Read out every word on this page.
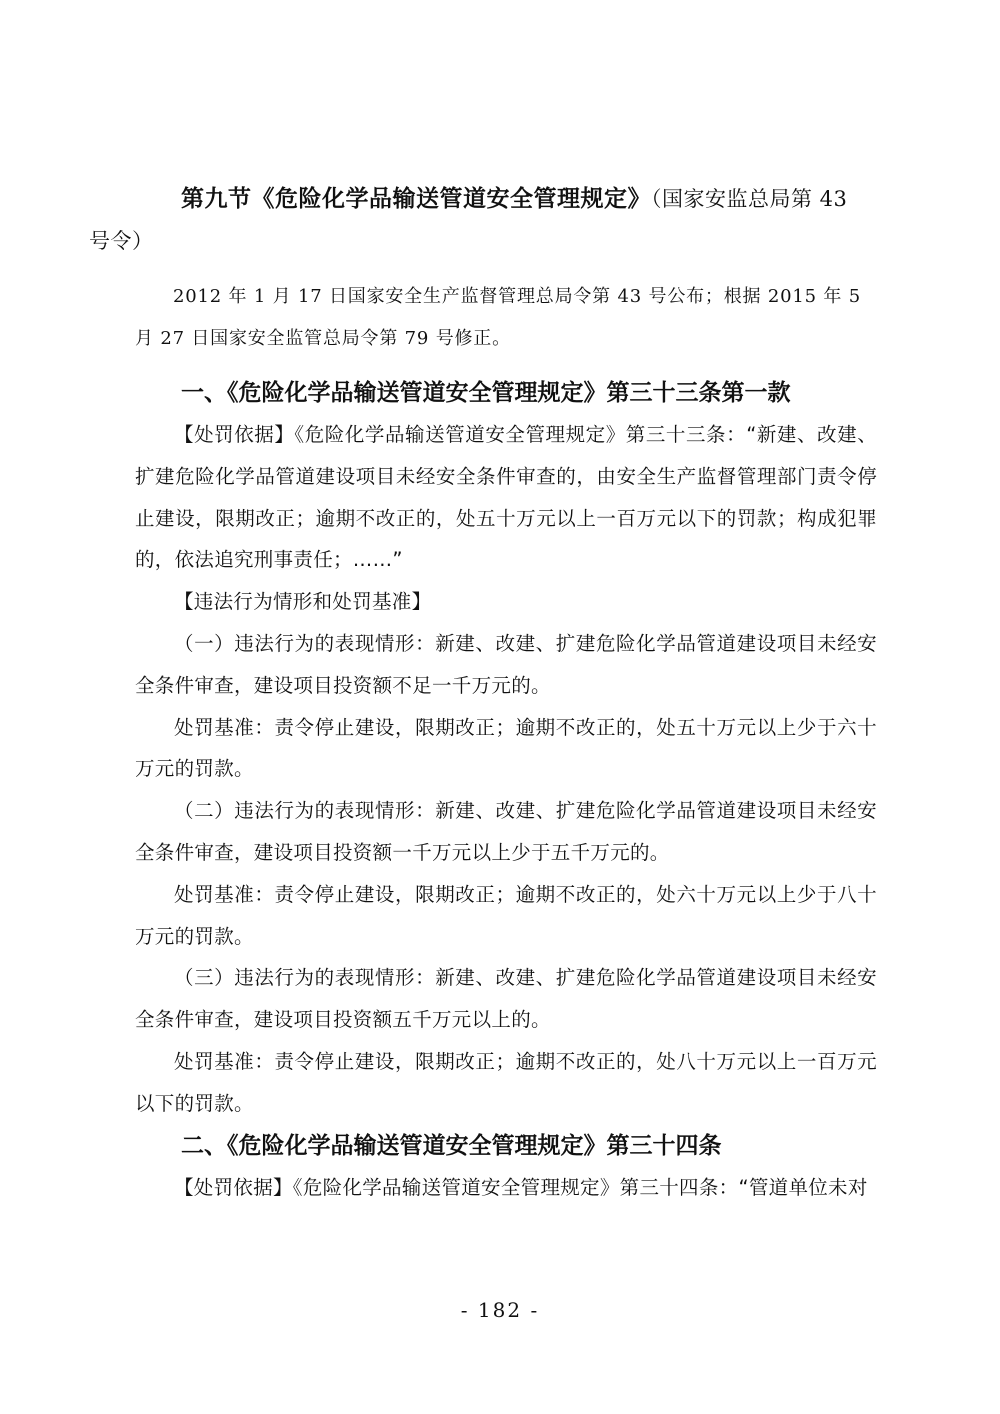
第九节《危险化学品输送管道安全管理规定》（国家安监总局第 43
号令）

2012 年 1 月 17 日国家安全生产监督管理总局令第 43 号公布；根据 2015 年 5 月 27 日国家安全监管总局令第 79 号修正。

一、《危险化学品输送管道安全管理规定》第三十三条第一款

【处罚依据】《危险化学品输送管道安全管理规定》第三十三条：“新建、改建、扩建危险化学品管道建设项目未经安全条件审查的，由安全生产监督管理部门责令停止建设，限期改正；逾期不改正的，处五十万元以上一百万元以下的罚款；构成犯罪的，依法追究刑事责任；……”

【违法行为情形和处罚基准】

（一）违法行为的表现情形：新建、改建、扩建危险化学品管道建设项目未经安全条件审查，建设项目投资额不足一千万元的。

处罚基准：责令停止建设，限期改正；逾期不改正的，处五十万元以上少于六十万元的罚款。

（二）违法行为的表现情形：新建、改建、扩建危险化学品管道建设项目未经安全条件审查，建设项目投资额一千万元以上少于五千万元的。

处罚基准：责令停止建设，限期改正；逾期不改正的，处六十万元以上少于八十万元的罚款。

（三）违法行为的表现情形：新建、改建、扩建危险化学品管道建设项目未经安全条件审查，建设项目投资额五千万元以上的。

处罚基准：责令停止建设，限期改正；逾期不改正的，处八十万元以上一百万元以下的罚款。

二、《危险化学品输送管道安全管理规定》第三十四条

【处罚依据】《危险化学品输送管道安全管理规定》第三十四条：“管道单位未对

- 182 -
